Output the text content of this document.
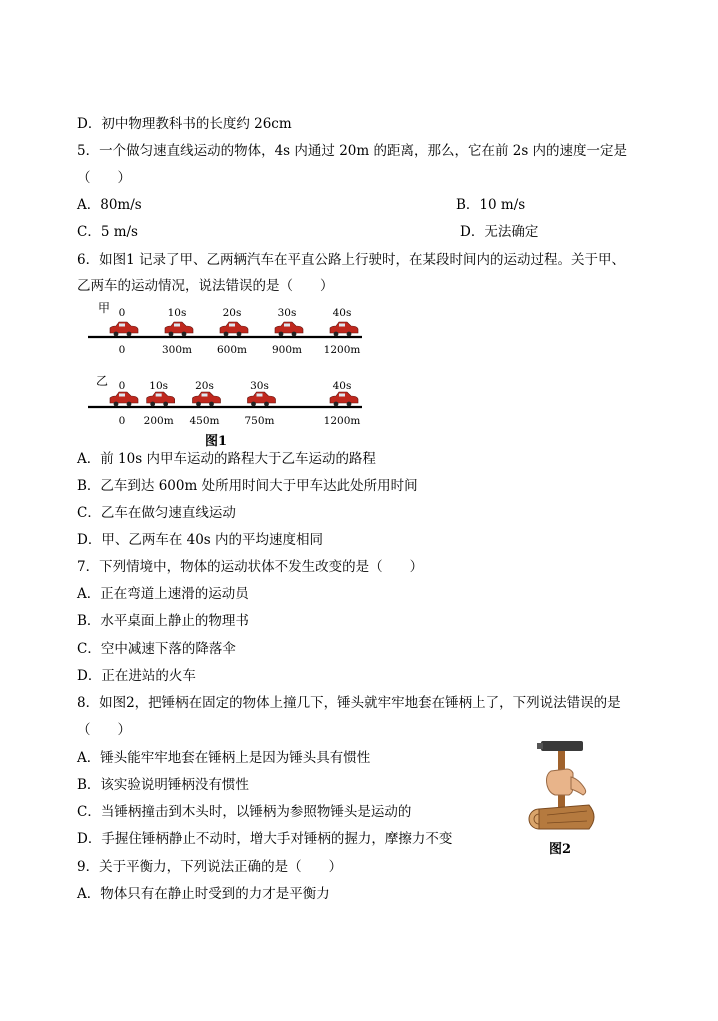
D．初中物理教科书的长度约 26cm
5．一个做匀速直线运动的物体，4s 内通过 20m 的距离，那么，它在前 2s 内的速度一定是
（　　）
A．80m/s	B．10 m/s
C．5 m/s	D．无法确定
6．如图1 记录了甲、乙两辆汽车在平直公路上行驶时，在某段时间内的运动过程。关于甲、
乙两车的运动情况，说法错误的是（　　）
甲 0
0
10s
300m
20s
600m
30s
900m
40s
1200m
乙 0
0
10s
200m
20s
450m
30s
750m
40s
1200m
图1
A．前 10s 内甲车运动的路程大于乙车运动的路程
B．乙车到达 600m 处所用时间大于甲车达此处所用时间
C．乙车在做匀速直线运动
D．甲、乙两车在 40s 内的平均速度相同
7．下列情境中，物体的运动状体不发生改变的是（　　）
A．正在弯道上速滑的运动员
B．水平桌面上静止的物理书
C．空中减速下落的降落伞
D．正在进站的火车
8．如图2，把锤柄在固定的物体上撞几下，锤头就牢牢地套在锤柄上了，下列说法错误的是
（　　）
A．锤头能牢牢地套在锤柄上是因为锤头具有惯性
B．该实验说明锤柄没有惯性
C．当锤柄撞击到木头时，以锤柄为参照物锤头是运动的
D．手握住锤柄静止不动时，增大手对锤柄的握力，摩擦力不变
9．关于平衡力，下列说法正确的是（　　）
A．物体只有在静止时受到的力才是平衡力
图2
